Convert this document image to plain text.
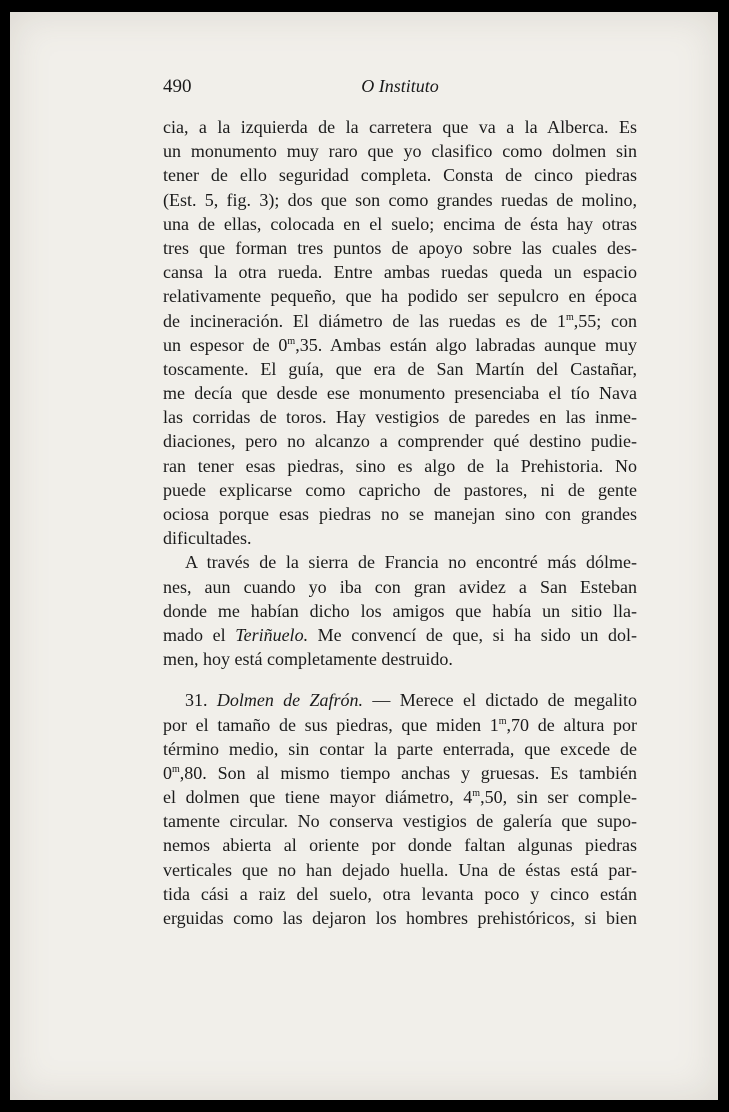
490	O Instituto
cia, a la izquierda de la carretera que va a la Alberca. Es
un monumento muy raro que yo clasifico como dolmen sin
tener de ello seguridad completa. Consta de cinco piedras
(Est. 5, fig. 3); dos que son como grandes ruedas de molino,
una de ellas, colocada en el suelo; encima de ésta hay otras
tres que forman tres puntos de apoyo sobre las cuales des-
cansa la otra rueda. Entre ambas ruedas queda un espacio
relativamente pequeño, que ha podido ser sepulcro en época
de incineración. El diámetro de las ruedas es de 1$^m$,55; con
un espesor de 0$^m$,35. Ambas están algo labradas aunque muy
toscamente. El guía, que era de San Martín del Castañar,
me decía que desde ese monumento presenciaba el tío Nava
las corridas de toros. Hay vestigios de paredes en las inme-
diaciones, pero no alcanzo a comprender qué destino pudie-
ran tener esas piedras, sino es algo de la Prehistoria. No
puede explicarse como capricho de pastores, ni de gente
ociosa porque esas piedras no se manejan sino con grandes
dificultades.
A través de la sierra de Francia no encontré más dólme-
nes, aun cuando yo iba con gran avidez a San Esteban
donde me habían dicho los amigos que había un sitio lla-
mado el Teriñuelo. Me convencí de que, si ha sido un dol-
men, hoy está completamente destruido.
31. Dolmen de Zafrón. — Merece el dictado de megalito
por el tamaño de sus piedras, que miden 1$^m$,70 de altura por
término medio, sin contar la parte enterrada, que excede de
0$^m$,80. Son al mismo tiempo anchas y gruesas. Es también
el dolmen que tiene mayor diámetro, 4$^m$,50, sin ser comple-
tamente circular. No conserva vestigios de galería que supo-
nemos abierta al oriente por donde faltan algunas piedras
verticales que no han dejado huella. Una de éstas está par-
tida cási a raiz del suelo, otra levanta poco y cinco están
erguidas como las dejaron los hombres prehistóricos, si bien
